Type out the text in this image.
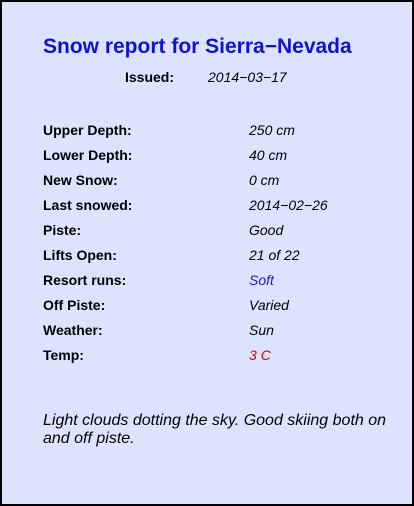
Snow report for Sierra−Nevada
Issued: 2014−03−17
Upper Depth:	250 cm
Lower Depth:	40 cm
New Snow:	0 cm
Last snowed:	2014−02−26
Piste:	Good
Lifts Open:	21 of 22
Resort runs:	Soft
Off Piste:	Varied
Weather:	Sun
Temp:	3 C
Light clouds dotting the sky. Good skiing both on and off piste.
